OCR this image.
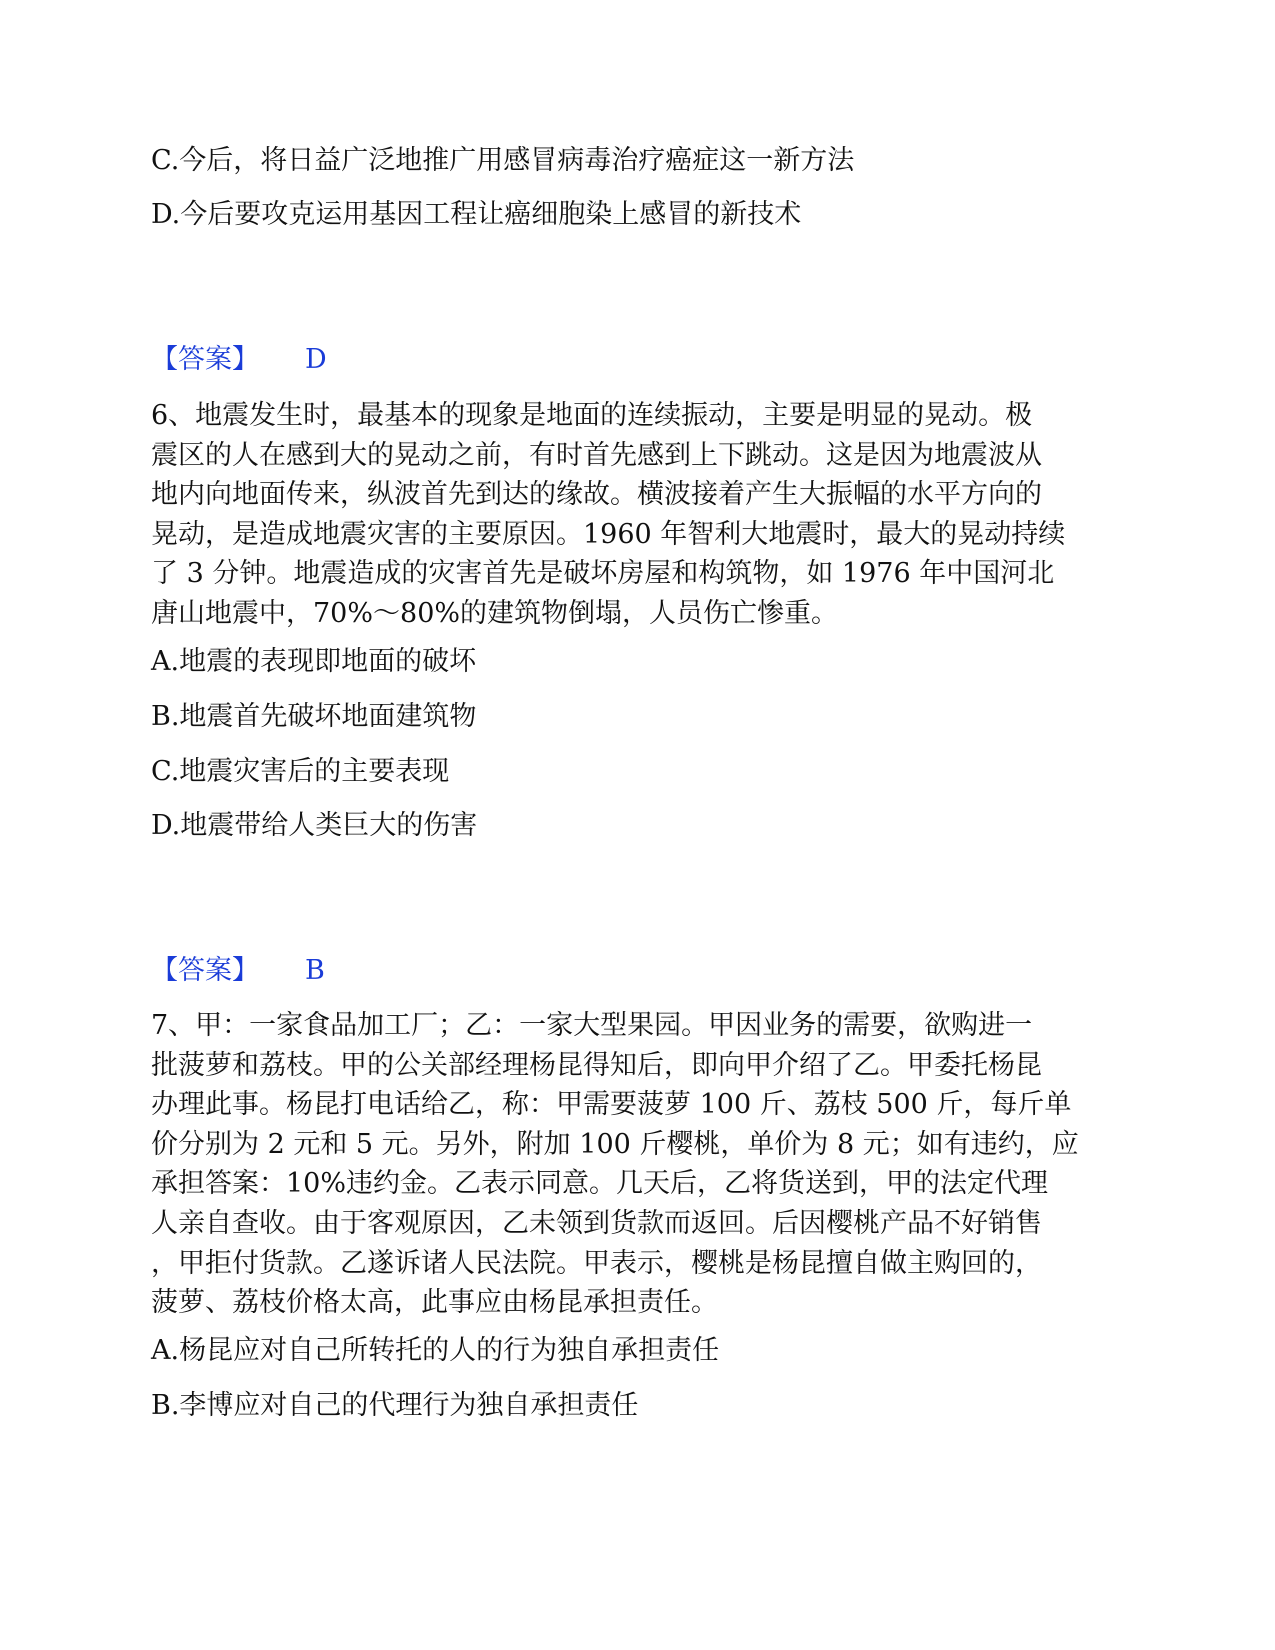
C.今后，将日益广泛地推广用感冒病毒治疗癌症这一新方法
D.今后要攻克运用基因工程让癌细胞染上感冒的新技术
【答案】 D
6、地震发生时，最基本的现象是地面的连续振动，主要是明显的晃动。极
震区的人在感到大的晃动之前，有时首先感到上下跳动。这是因为地震波从
地内向地面传来，纵波首先到达的缘故。横波接着产生大振幅的水平方向的
晃动，是造成地震灾害的主要原因。1960 年智利大地震时，最大的晃动持续
了 3 分钟。地震造成的灾害首先是破坏房屋和构筑物，如 1976 年中国河北
唐山地震中，70%～80%的建筑物倒塌，人员伤亡惨重。
A.地震的表现即地面的破坏
B.地震首先破坏地面建筑物
C.地震灾害后的主要表现
D.地震带给人类巨大的伤害
【答案】 B
7、甲：一家食品加工厂；乙：一家大型果园。甲因业务的需要，欲购进一
批菠萝和荔枝。甲的公关部经理杨昆得知后，即向甲介绍了乙。甲委托杨昆
办理此事。杨昆打电话给乙，称：甲需要菠萝 100 斤、荔枝 500 斤，每斤单
价分别为 2 元和 5 元。另外，附加 100 斤樱桃，单价为 8 元；如有违约，应
承担答案：10%违约金。乙表示同意。几天后，乙将货送到，甲的法定代理
人亲自查收。由于客观原因，乙未领到货款而返回。后因樱桃产品不好销售
，甲拒付货款。乙遂诉诸人民法院。甲表示，樱桃是杨昆擅自做主购回的，
菠萝、荔枝价格太高，此事应由杨昆承担责任。
A.杨昆应对自己所转托的人的行为独自承担责任
B.李博应对自己的代理行为独自承担责任
